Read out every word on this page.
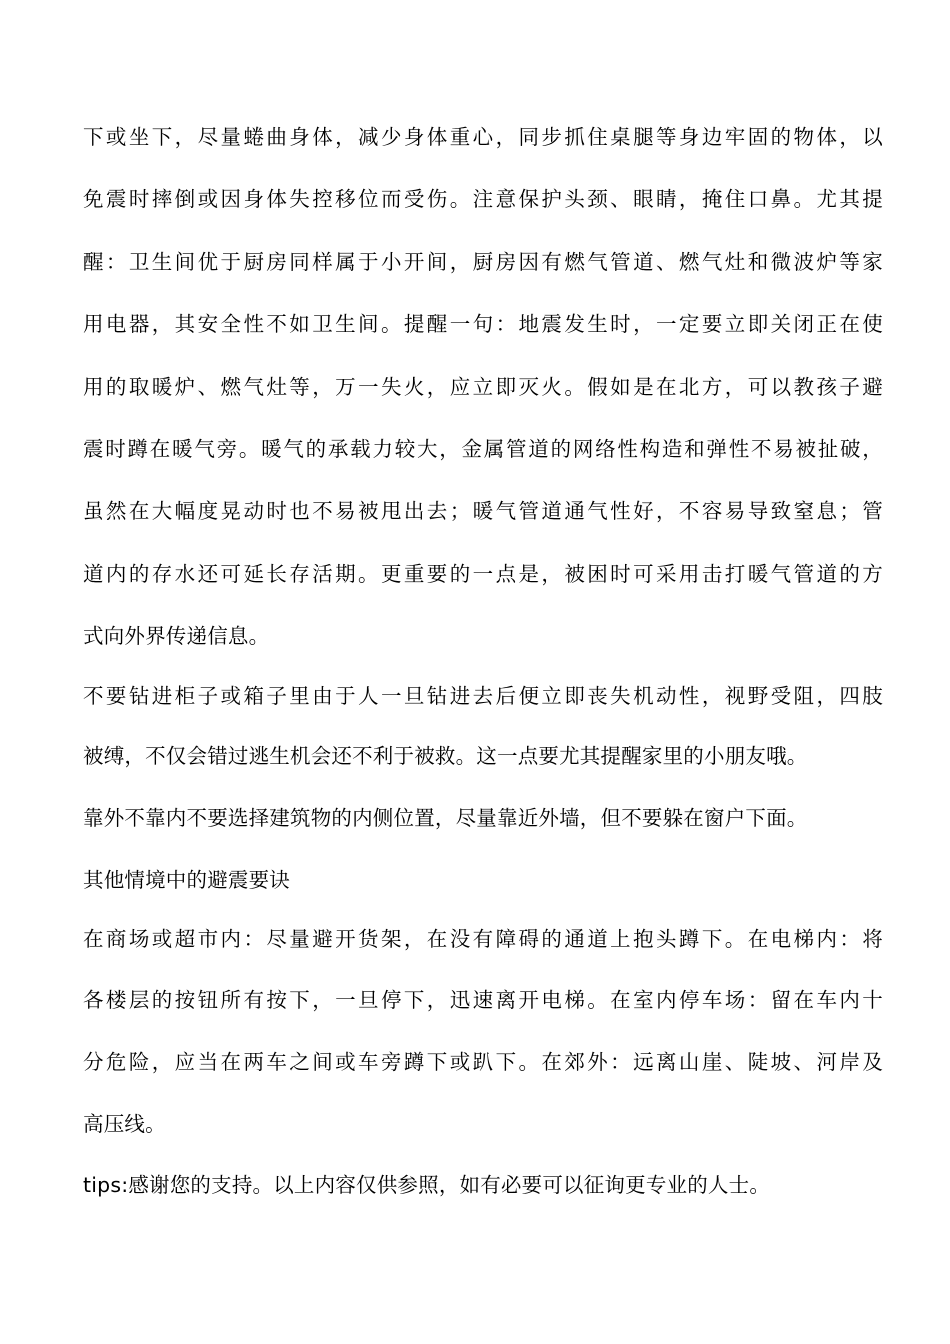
下或坐下，尽量蜷曲身体，减少身体重心，同步抓住桌腿等身边牢固的物体，以
免震时摔倒或因身体失控移位而受伤。注意保护头颈、眼睛，掩住口鼻。尤其提
醒：卫生间优于厨房同样属于小开间，厨房因有燃气管道、燃气灶和微波炉等家
用电器，其安全性不如卫生间。提醒一句：地震发生时，一定要立即关闭正在使
用的取暖炉、燃气灶等，万一失火，应立即灭火。假如是在北方，可以教孩子避
震时蹲在暖气旁。暖气的承载力较大，金属管道的网络性构造和弹性不易被扯破，
虽然在大幅度晃动时也不易被甩出去；暖气管道通气性好，不容易导致窒息；管
道内的存水还可延长存活期。更重要的一点是，被困时可采用击打暖气管道的方
式向外界传递信息。
不要钻进柜子或箱子里由于人一旦钻进去后便立即丧失机动性，视野受阻，四肢
被缚，不仅会错过逃生机会还不利于被救。这一点要尤其提醒家里的小朋友哦。
靠外不靠内不要选择建筑物的内侧位置，尽量靠近外墙，但不要躲在窗户下面。
其他情境中的避震要诀
在商场或超市内：尽量避开货架，在没有障碍的通道上抱头蹲下。在电梯内：将
各楼层的按钮所有按下，一旦停下，迅速离开电梯。在室内停车场：留在车内十
分危险，应当在两车之间或车旁蹲下或趴下。在郊外：远离山崖、陡坡、河岸及
高压线。
tips:感谢您的支持。以上内容仅供参照，如有必要可以征询更专业的人士。
